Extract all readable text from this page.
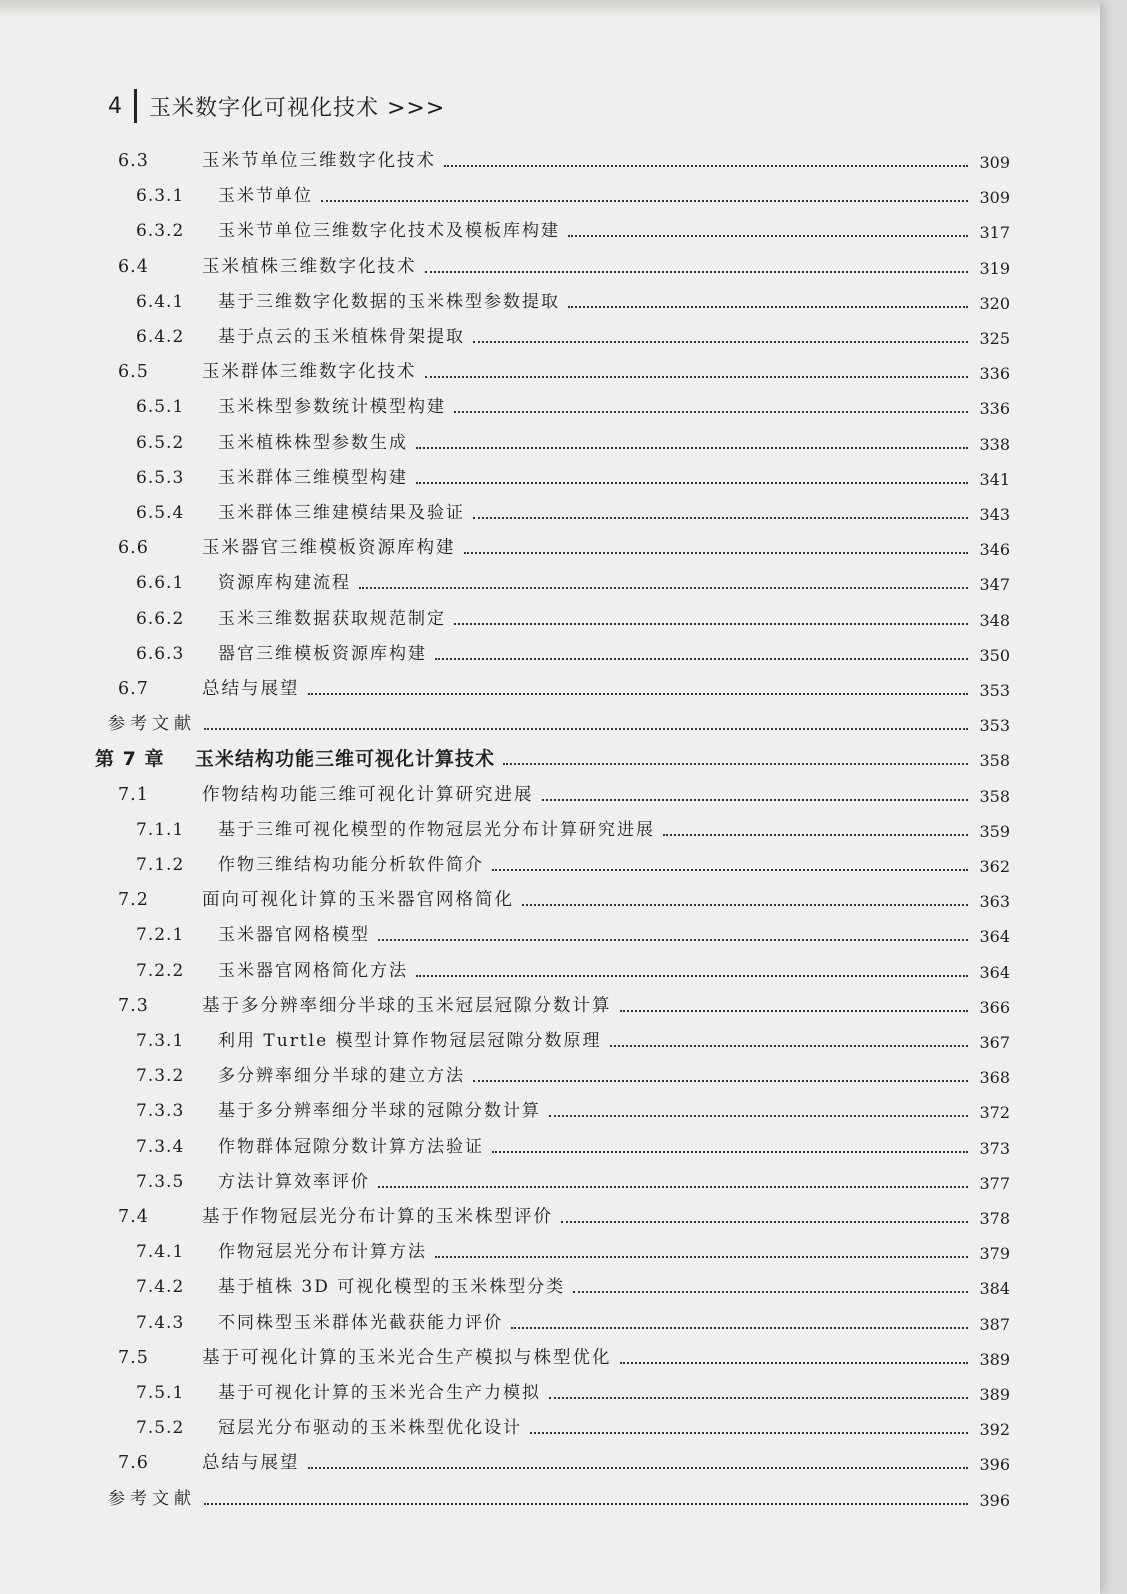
4 玉米数字化可视化技术 >>>
6.3	玉米节单位三维数字化技术	309
6.3.1	玉米节单位	309
6.3.2	玉米节单位三维数字化技术及模板库构建	317
6.4	玉米植株三维数字化技术	319
6.4.1	基于三维数字化数据的玉米株型参数提取	320
6.4.2	基于点云的玉米植株骨架提取	325
6.5	玉米群体三维数字化技术	336
6.5.1	玉米株型参数统计模型构建	336
6.5.2	玉米植株株型参数生成	338
6.5.3	玉米群体三维模型构建	341
6.5.4	玉米群体三维建模结果及验证	343
6.6	玉米器官三维模板资源库构建	346
6.6.1	资源库构建流程	347
6.6.2	玉米三维数据获取规范制定	348
6.6.3	器官三维模板资源库构建	350
6.7	总结与展望	353
参考文献	353
第 7 章	玉米结构功能三维可视化计算技术	358
7.1	作物结构功能三维可视化计算研究进展	358
7.1.1	基于三维可视化模型的作物冠层光分布计算研究进展	359
7.1.2	作物三维结构功能分析软件简介	362
7.2	面向可视化计算的玉米器官网格简化	363
7.2.1	玉米器官网格模型	364
7.2.2	玉米器官网格简化方法	364
7.3	基于多分辨率细分半球的玉米冠层冠隙分数计算	366
7.3.1	利用 Turtle 模型计算作物冠层冠隙分数原理	367
7.3.2	多分辨率细分半球的建立方法	368
7.3.3	基于多分辨率细分半球的冠隙分数计算	372
7.3.4	作物群体冠隙分数计算方法验证	373
7.3.5	方法计算效率评价	377
7.4	基于作物冠层光分布计算的玉米株型评价	378
7.4.1	作物冠层光分布计算方法	379
7.4.2	基于植株 3D 可视化模型的玉米株型分类	384
7.4.3	不同株型玉米群体光截获能力评价	387
7.5	基于可视化计算的玉米光合生产模拟与株型优化	389
7.5.1	基于可视化计算的玉米光合生产力模拟	389
7.5.2	冠层光分布驱动的玉米株型优化设计	392
7.6	总结与展望	396
参考文献	396
